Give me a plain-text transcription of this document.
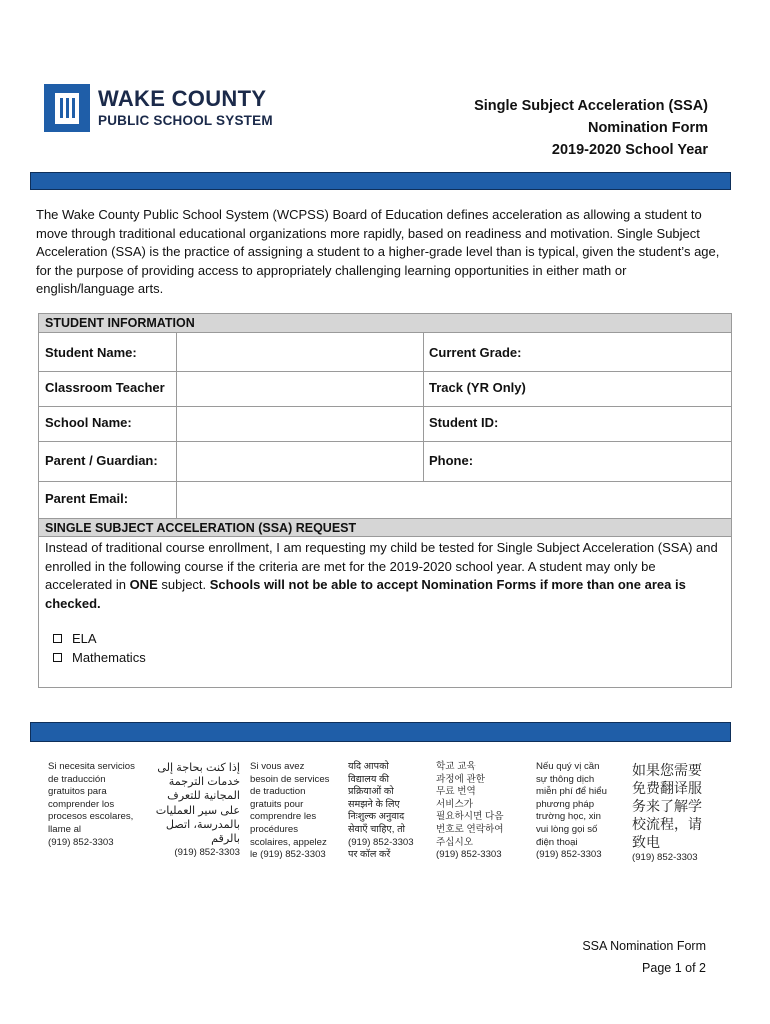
WAKE COUNTY
PUBLIC SCHOOL SYSTEM
Single Subject Acceleration (SSA)
Nomination Form
2019-2020 School Year
The Wake County Public School System (WCPSS) Board of Education defines acceleration as allowing a student to move through traditional educational organizations more rapidly, based on readiness and motivation. Single Subject Acceleration (SSA) is the practice of assigning a student to a higher-grade level than is typical, given the student’s age, for the purpose of providing access to appropriately challenging learning opportunities in either math or english/language arts.
STUDENT INFORMATION
Student Name:
Classroom Teacher
School Name:
Parent / Guardian:
Parent Email:
Current Grade:
Track (YR Only)
Student ID:
Phone:
SINGLE SUBJECT ACCELERATION (SSA) REQUEST
Instead of traditional course enrollment, I am requesting my child be tested for Single Subject Acceleration (SSA) and enrolled in the following course if the criteria are met for the 2019-2020 school year. A student may only be accelerated in ONE subject. Schools will not be able to accept Nomination Forms if more than one area is checked.
ELA
Mathematics
Si necesita servicios
de traducción
gratuitos para
comprender los
procesos escolares,
llame al
(919) 852-3303
إذا كنت بحاجة إلى
خدمات الترجمة
المجانية للتعرف
على سير العمليات
بالمدرسة، اتصل
بالرقم
(919) 852-3303
Si vous avez
besoin de services
de traduction
gratuits pour
comprendre les
procédures
scolaires, appelez
le (919) 852-3303
यदि आपको
विद्यालय की
प्रक्रियाओं को
समझने के लिए
निःशुल्क अनुवाद
सेवाएँ चाहिए, तो
(919) 852-3303
पर कॉल करें
학교 교육
과정에 관한
무료 번역
서비스가
필요하시면 다음
번호로 연락하여
주십시오
(919) 852-3303
Nếu quý vị cần
sự thông dịch
miễn phí để hiểu
phương pháp
trường học, xin
vui lòng gọi số
điện thoại
(919) 852-3303
如果您需要
免费翻译服
务来了解学
校流程，请
致电
(919) 852-3303
SSA Nomination Form
Page 1 of 2
